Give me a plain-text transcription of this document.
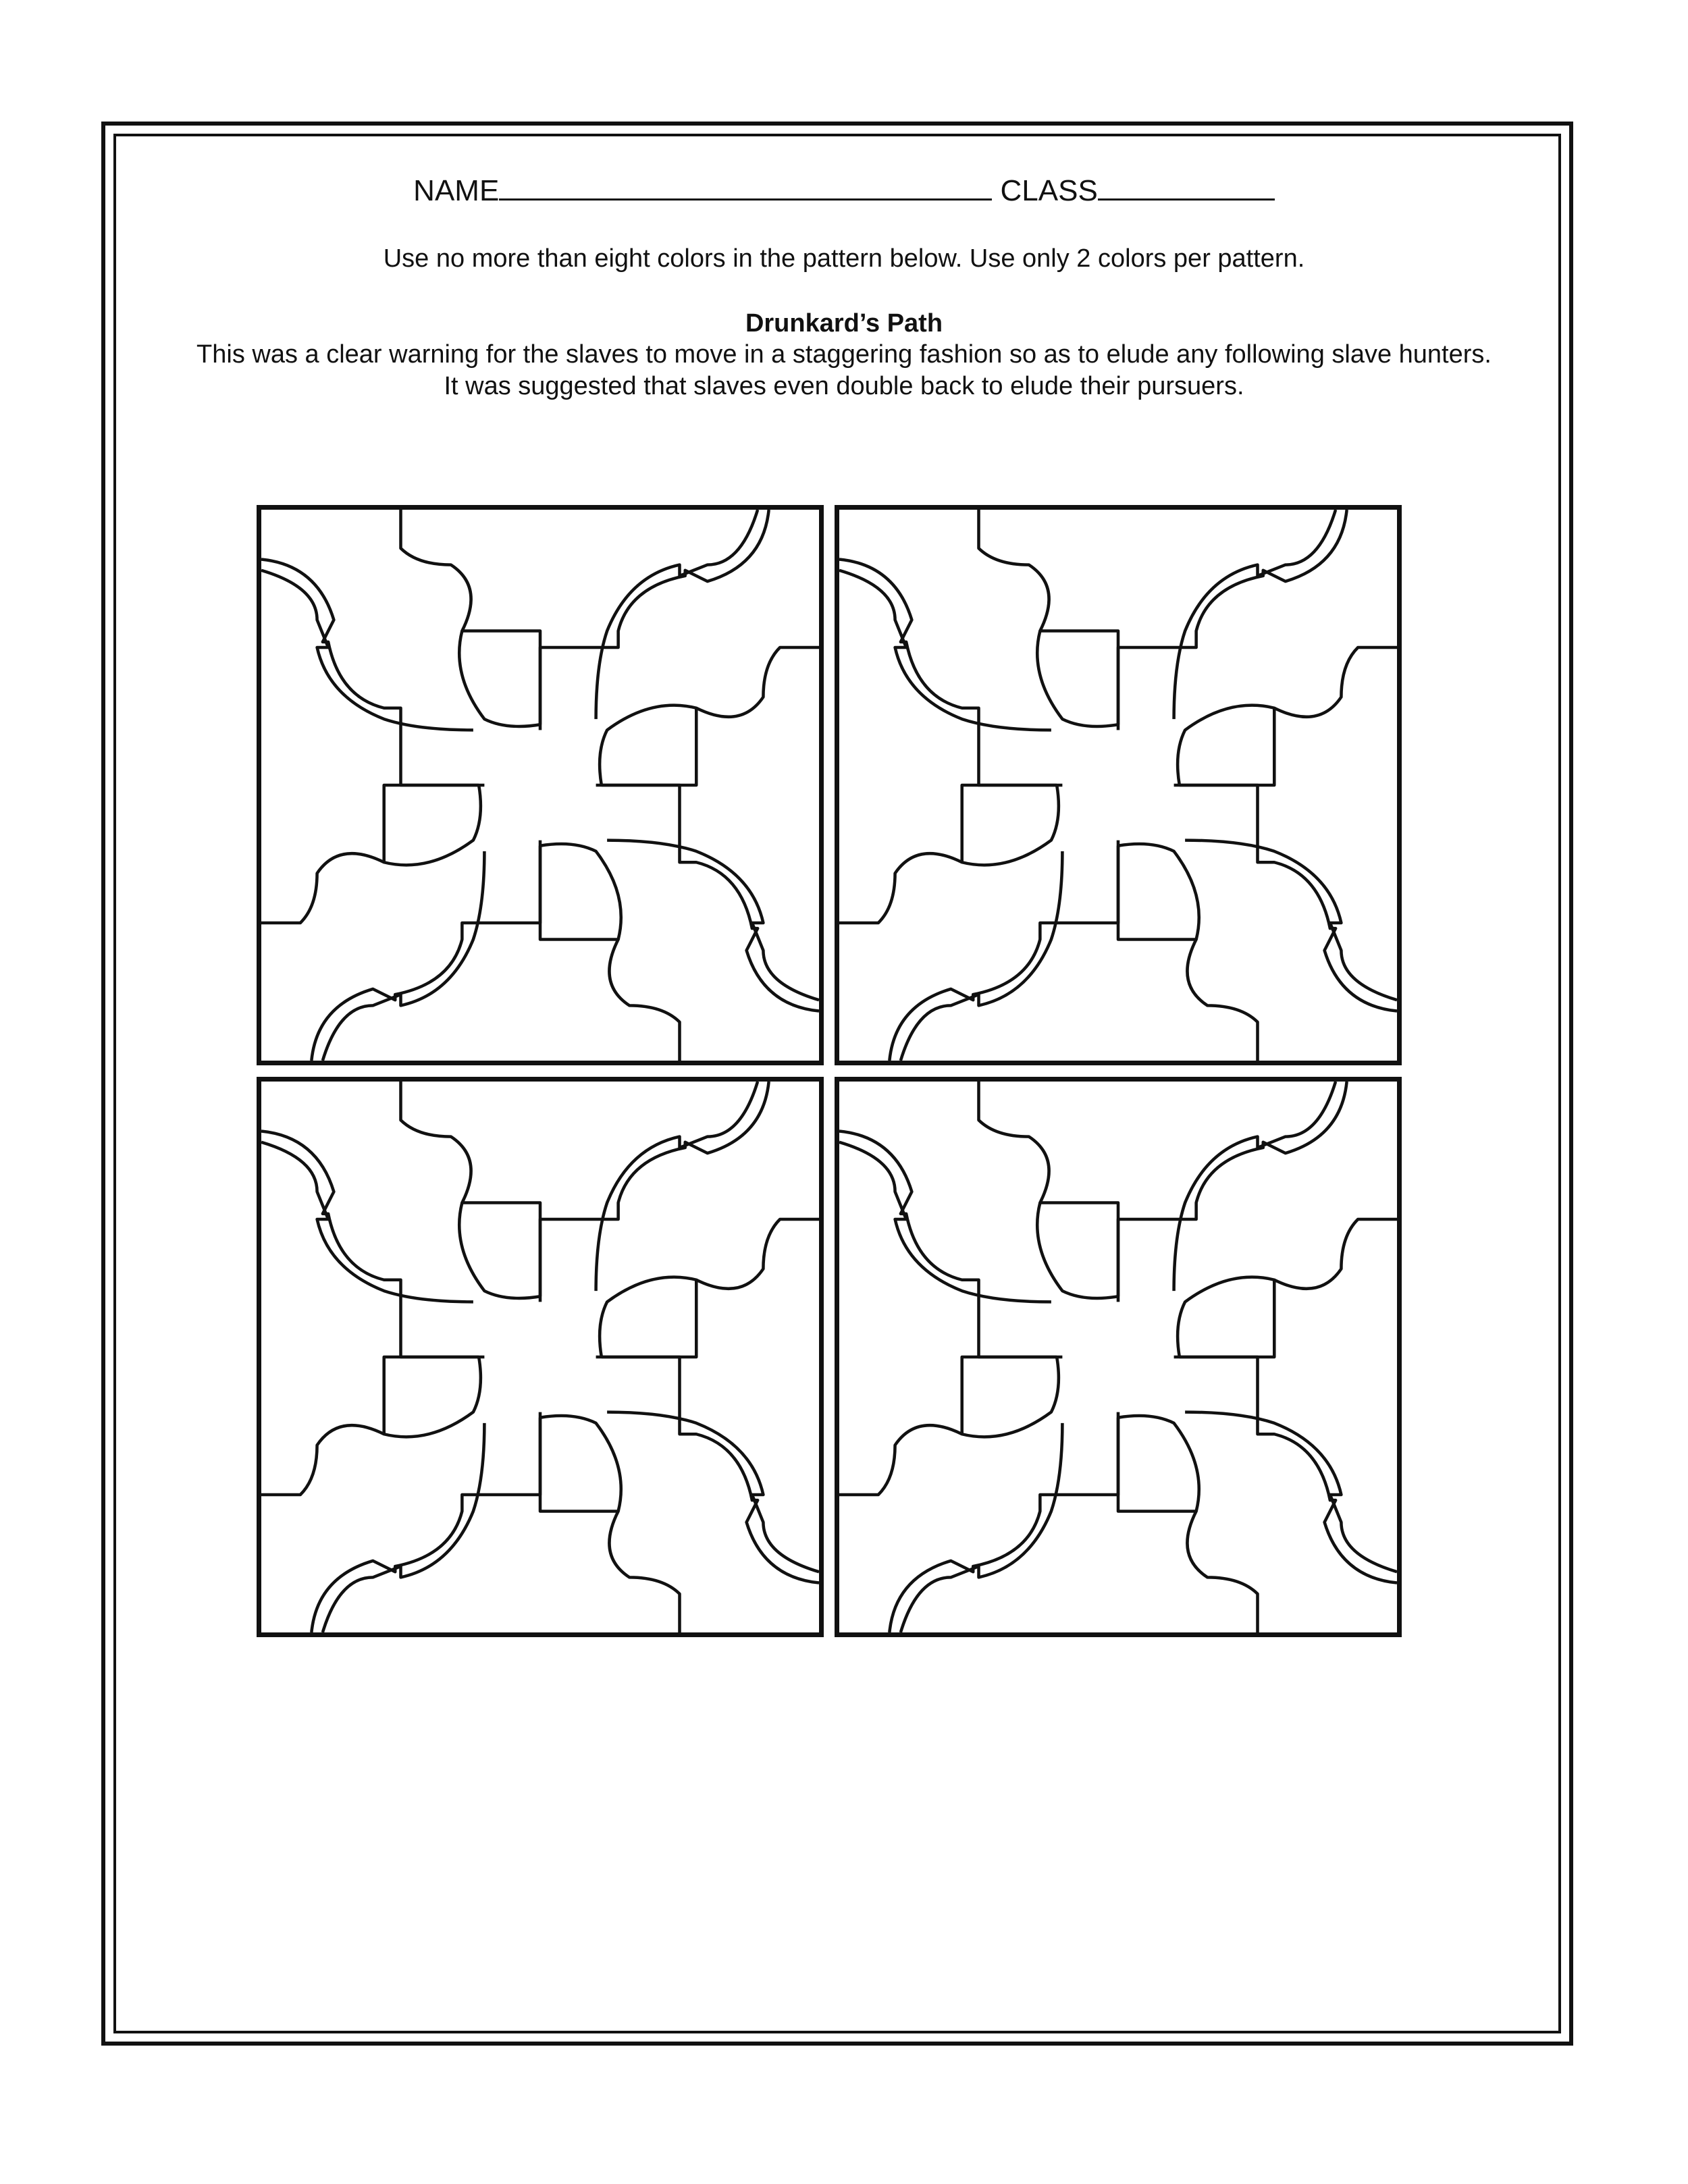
NAME	CLASS
Use no more than eight colors in the pattern below. Use only 2 colors per pattern.
Drunkard’s Path
This was a clear warning for the slaves to move in a staggering fashion so as to elude any following slave hunters.
It was suggested that slaves even double back to elude their pursuers.
